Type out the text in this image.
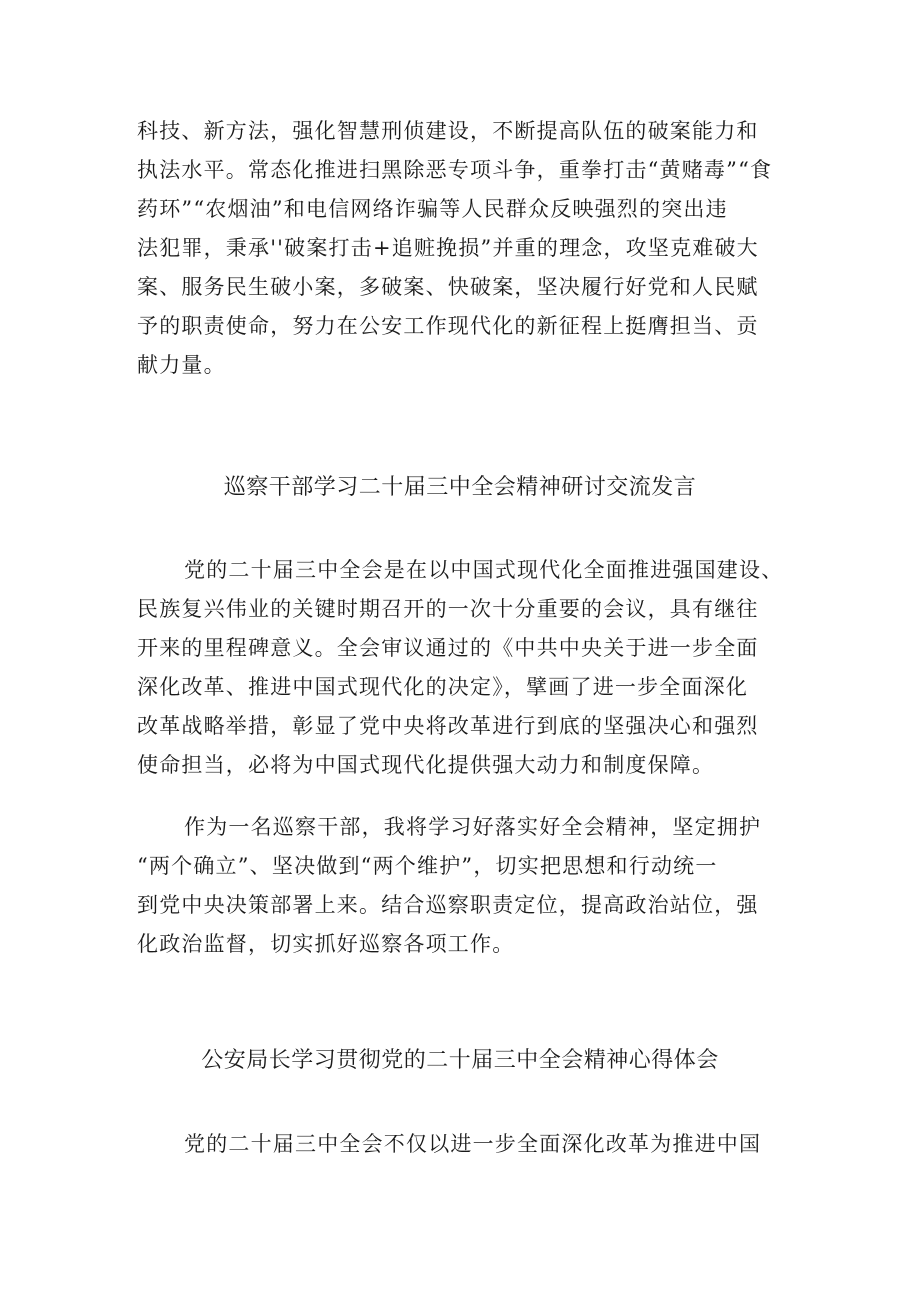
科技、新方法，强化智慧刑侦建设，不断提高队伍的破案能力和
执法水平。常态化推进扫黑除恶专项斗争，重拳打击“黄赌毒”“食
药环”“农烟油”和电信网络诈骗等人民群众反映强烈的突出违
法犯罪，秉承''破案打击+追赃挽损”并重的理念，攻坚克难破大
案、服务民生破小案，多破案、快破案，坚决履行好党和人民赋
予的职责使命，努力在公安工作现代化的新征程上挺膺担当、贡
献力量。
巡察干部学习二十届三中全会精神研讨交流发言
党的二十届三中全会是在以中国式现代化全面推进强国建设、
民族复兴伟业的关键时期召开的一次十分重要的会议，具有继往
开来的里程碑意义。全会审议通过的《中共中央关于进一步全面
深化改革、推进中国式现代化的决定》，擘画了进一步全面深化
改革战略举措，彰显了党中央将改革进行到底的坚强决心和强烈
使命担当，必将为中国式现代化提供强大动力和制度保障。
作为一名巡察干部，我将学习好落实好全会精神，坚定拥护
“两个确立”、坚决做到“两个维护”，切实把思想和行动统一
到党中央决策部署上来。结合巡察职责定位，提高政治站位，强
化政治监督，切实抓好巡察各项工作。
公安局长学习贯彻党的二十届三中全会精神心得体会
党的二十届三中全会不仅以进一步全面深化改革为推进中国
